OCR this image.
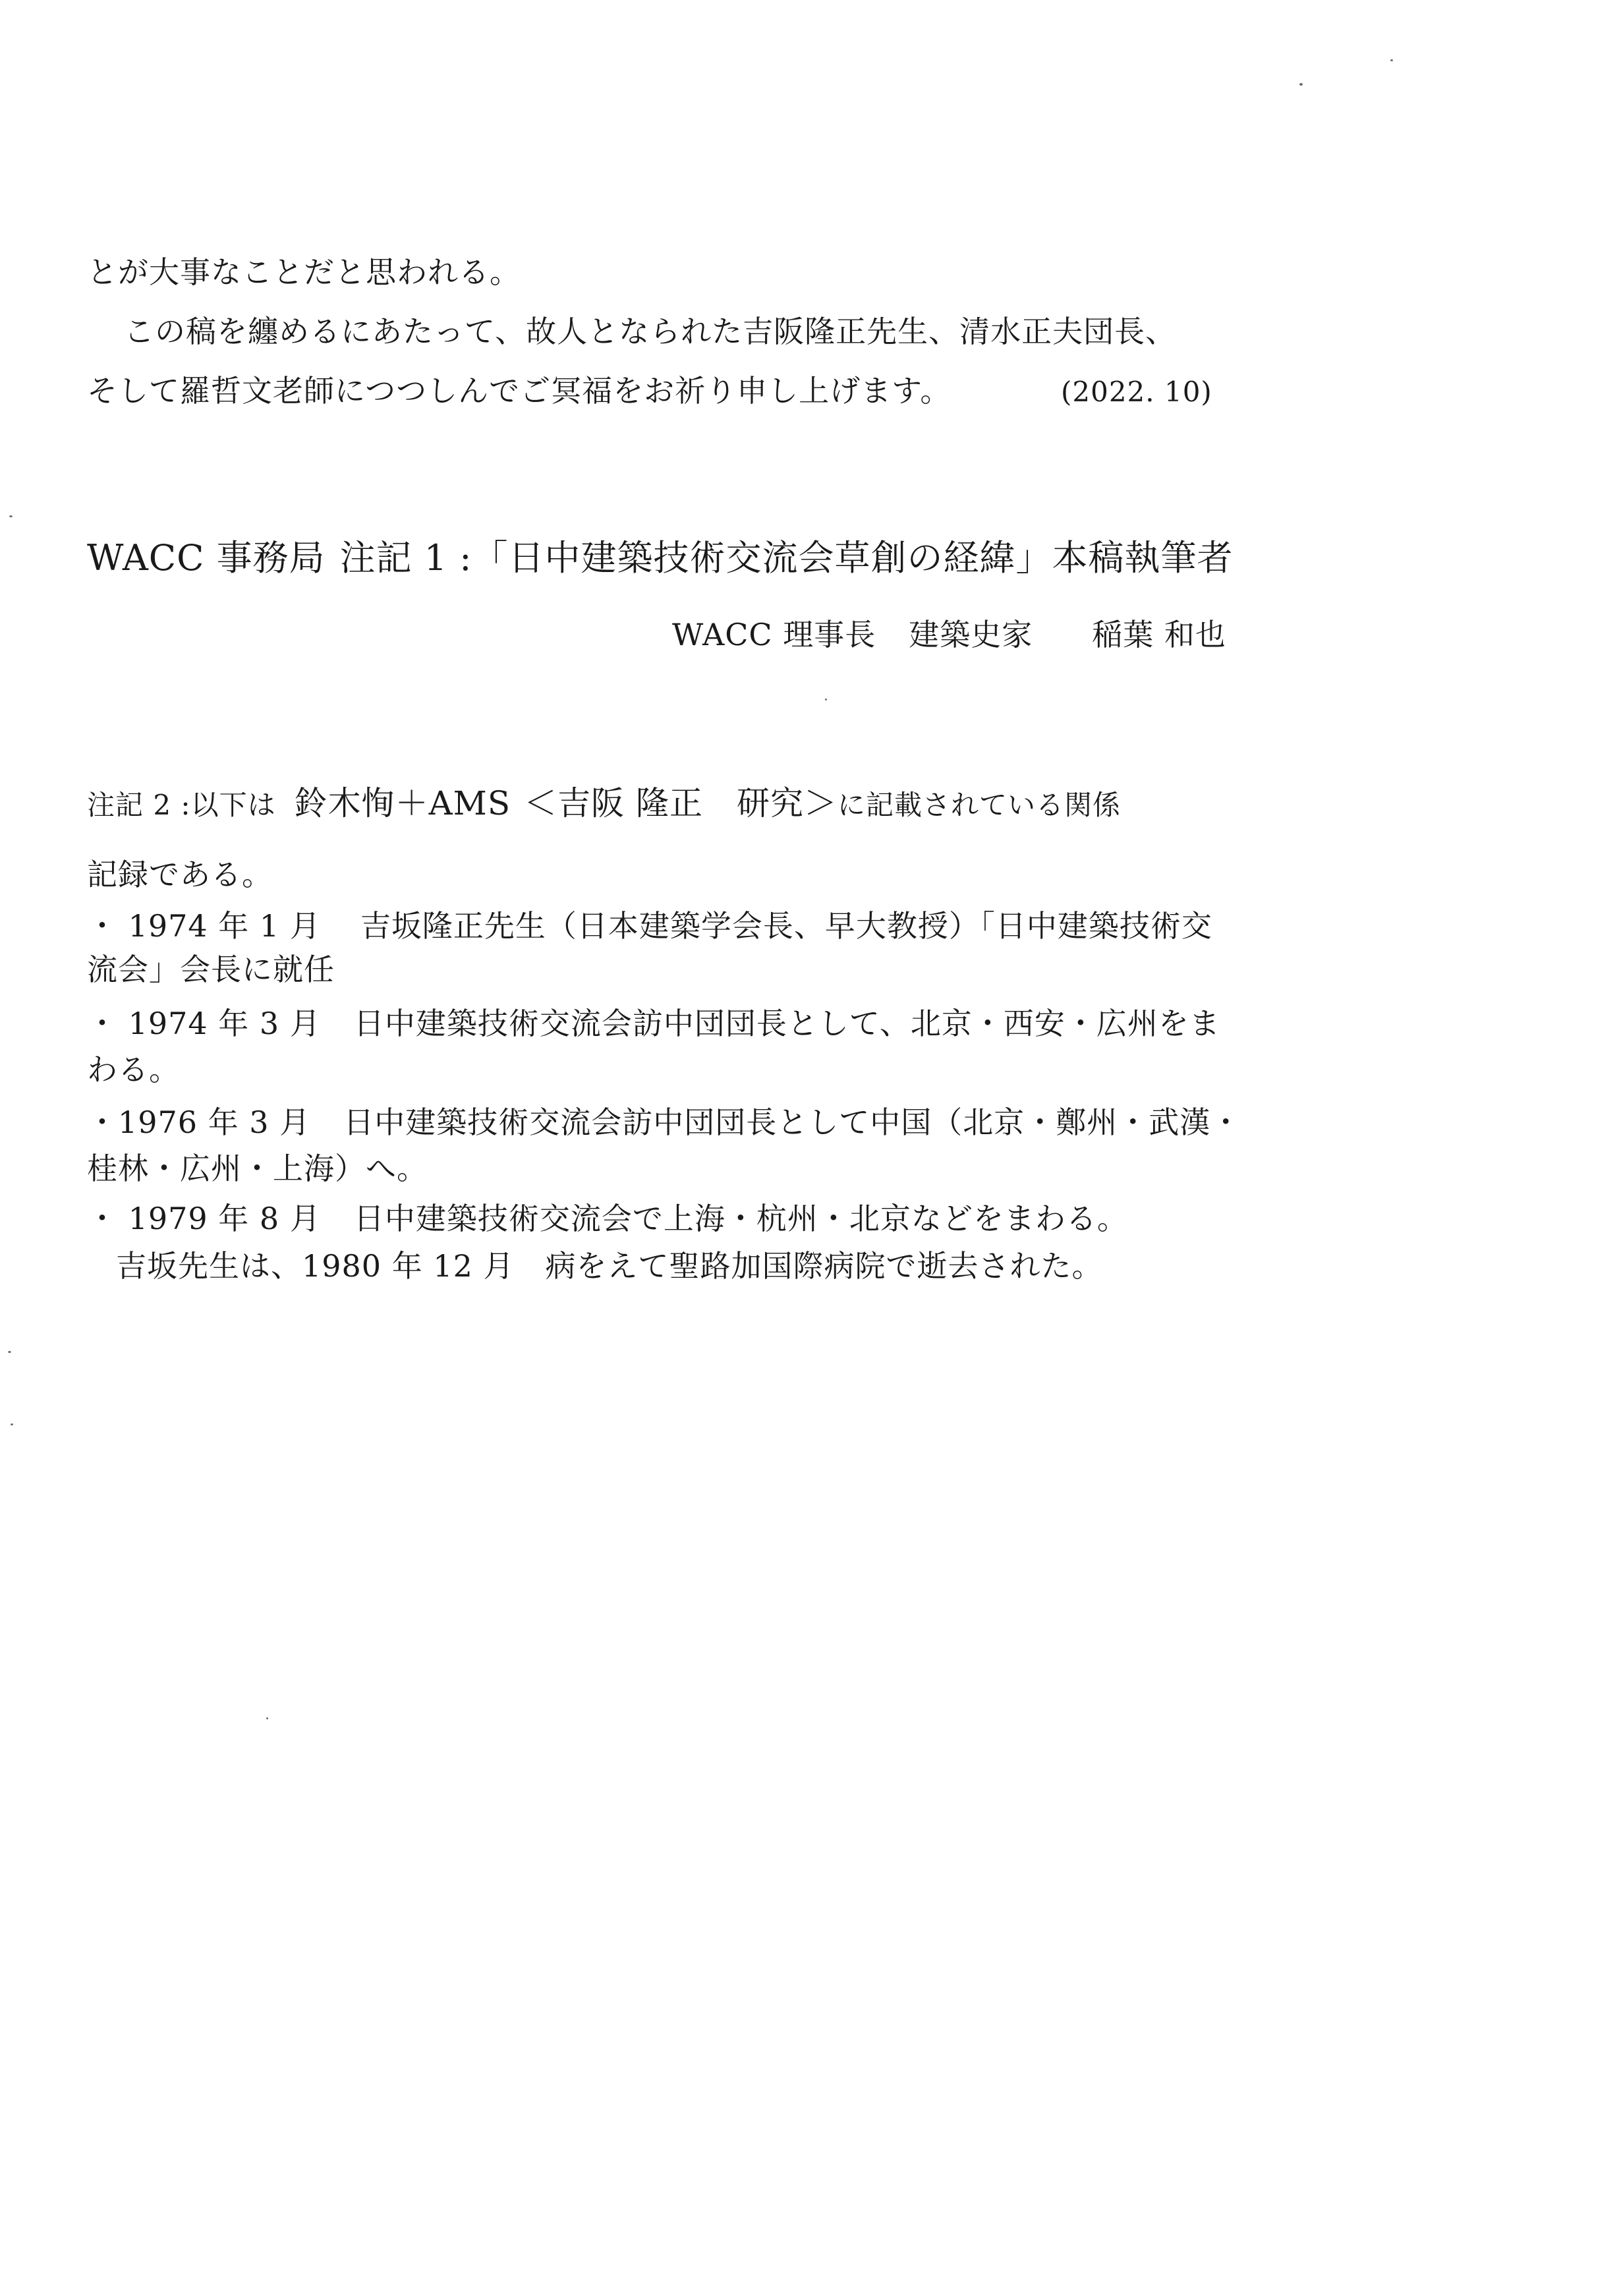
とが大事なことだと思われる。
この稿を纏めるにあたって、故人となられた吉阪隆正先生、清水正夫団長、
そして羅哲文老師につつしんでご冥福をお祈り申し上げます。	(2022. 10)
WACC 事務局 注記 1 :「日中建築技術交流会草創の経緯」本稿執筆者
WACC 理事長 建築史家 稲葉 和也
注記 2 :以下は 鈴木恂＋AMS ＜吉阪 隆正　研究＞に記載されている関係
記録である。
・ 1974 年 1 月 吉坂隆正先生（日本建築学会長、早大教授）「日中建築技術交
流会」会長に就任
・ 1974 年 3 月 日中建築技術交流会訪中団団長として、北京・西安・広州をま
わる。
・1976 年 3 月 日中建築技術交流会訪中団団長として中国（北京・鄭州・武漢・
桂林・広州・上海）へ。
・ 1979 年 8 月 日中建築技術交流会で上海・杭州・北京などをまわる。
吉坂先生は、1980 年 12 月　病をえて聖路加国際病院で逝去された。
